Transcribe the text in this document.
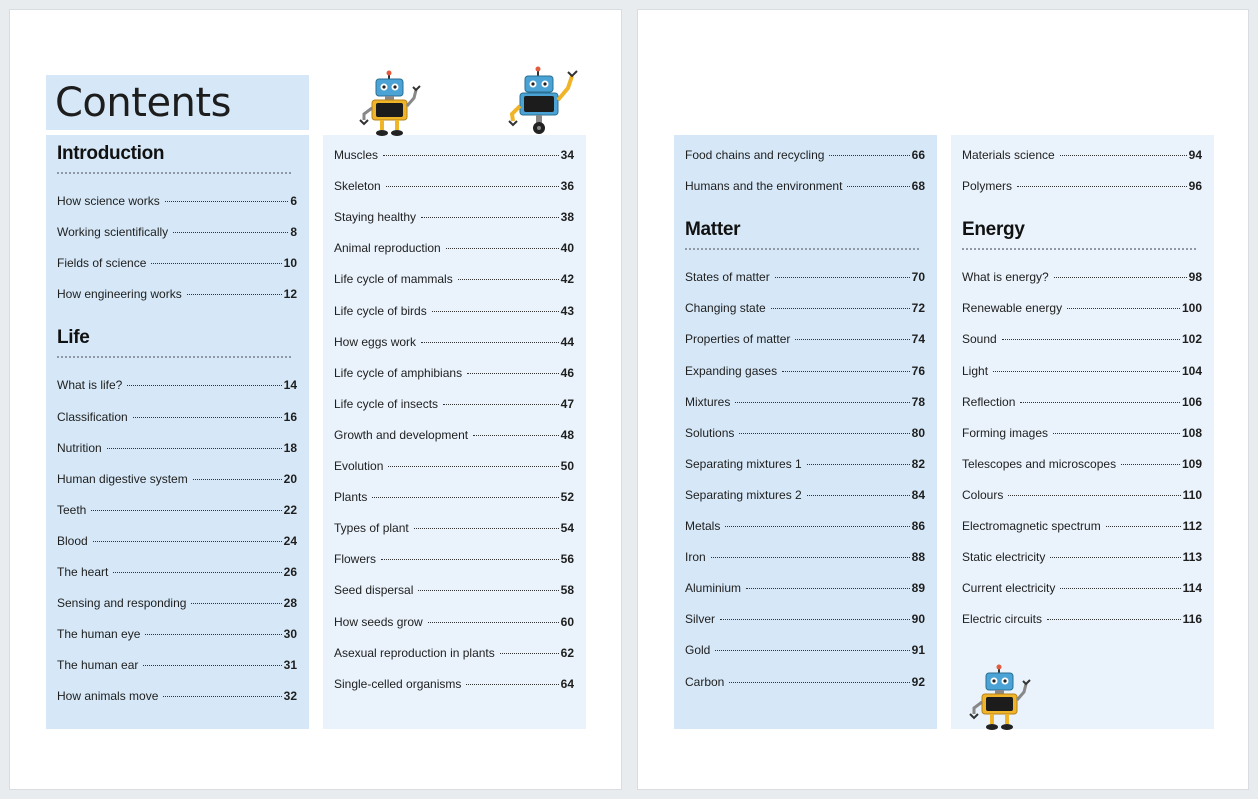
Contents
Introduction
How science works	6
Working scientifically	8
Fields of science	10
How engineering works	12
Life
What is life?	14
Classification	16
Nutrition	18
Human digestive system	20
Teeth	22
Blood	24
The heart	26
Sensing and responding	28
The human eye	30
The human ear	31
How animals move	32
Muscles	34
Skeleton	36
Staying healthy	38
Animal reproduction	40
Life cycle of mammals	42
Life cycle of birds	43
How eggs work	44
Life cycle of amphibians	46
Life cycle of insects	47
Growth and development	48
Evolution	50
Plants	52
Types of plant	54
Flowers	56
Seed dispersal	58
How seeds grow	60
Asexual reproduction in plants	62
Single-celled organisms	64
Food chains and recycling	66
Humans and the environment	68
Matter
States of matter	70
Changing state	72
Properties of matter	74
Expanding gases	76
Mixtures	78
Solutions	80
Separating mixtures 1	82
Separating mixtures 2	84
Metals	86
Iron	88
Aluminium	89
Silver	90
Gold	91
Carbon	92
Materials science	94
Polymers	96
Energy
What is energy?	98
Renewable energy	100
Sound	102
Light	104
Reflection	106
Forming images	108
Telescopes and microscopes	109
Colours	110
Electromagnetic spectrum	112
Static electricity	113
Current electricity	114
Electric circuits	116
